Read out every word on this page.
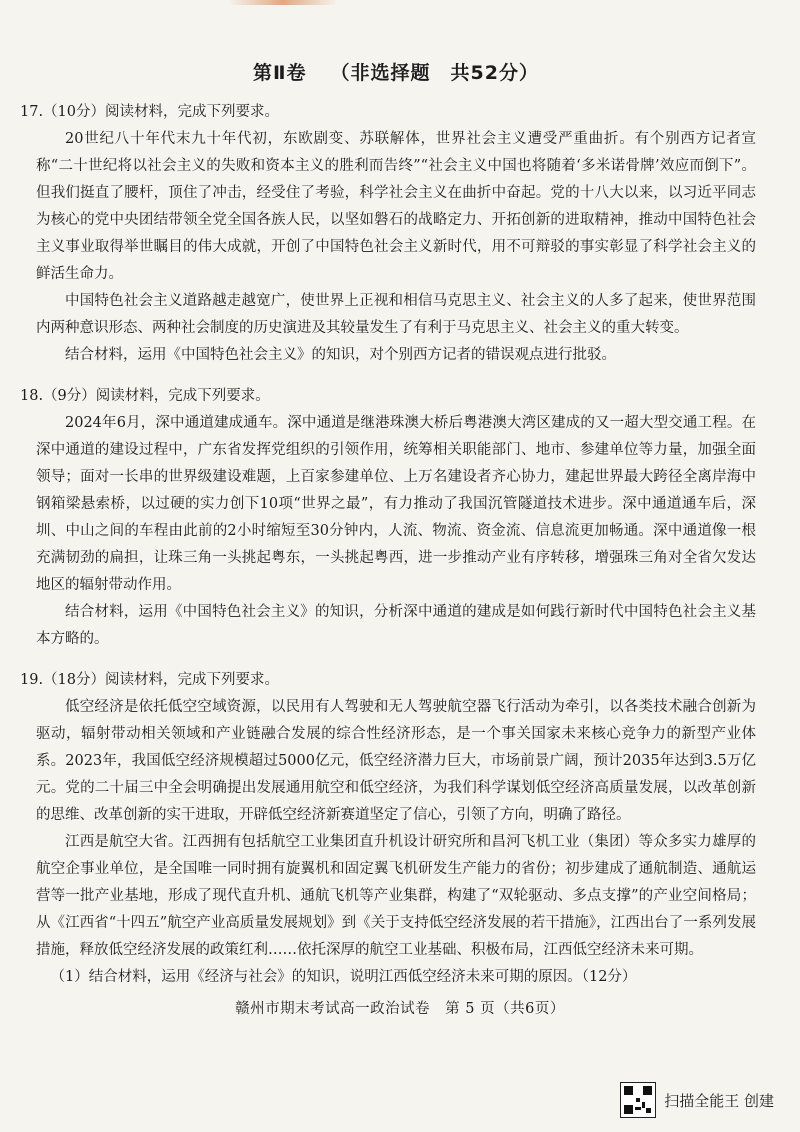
第Ⅱ卷 （非选择题　共52分）

17.（10分）阅读材料，完成下列要求。

20世纪八十年代末九十年代初，东欧剧变、苏联解体，世界社会主义遭受严重曲折。有个别西方记者宣称“二十世纪将以社会主义的失败和资本主义的胜利而告终”“社会主义中国也将随着‘多米诺骨牌’效应而倒下”。但我们挺直了腰杆，顶住了冲击，经受住了考验，科学社会主义在曲折中奋起。党的十八大以来，以习近平同志为核心的党中央团结带领全党全国各族人民，以坚如磐石的战略定力、开拓创新的进取精神，推动中国特色社会主义事业取得举世瞩目的伟大成就，开创了中国特色社会主义新时代，用不可辩驳的事实彰显了科学社会主义的鲜活生命力。

中国特色社会主义道路越走越宽广，使世界上正视和相信马克思主义、社会主义的人多了起来，使世界范围内两种意识形态、两种社会制度的历史演进及其较量发生了有利于马克思主义、社会主义的重大转变。

结合材料，运用《中国特色社会主义》的知识，对个别西方记者的错误观点进行批驳。

18.（9分）阅读材料，完成下列要求。

2024年6月，深中通道建成通车。深中通道是继港珠澳大桥后粤港澳大湾区建成的又一超大型交通工程。在深中通道的建设过程中，广东省发挥党组织的引领作用，统筹相关职能部门、地市、参建单位等力量，加强全面领导；面对一长串的世界级建设难题，上百家参建单位、上万名建设者齐心协力，建起世界最大跨径全离岸海中钢箱梁悬索桥，以过硬的实力创下10项“世界之最”，有力推动了我国沉管隧道技术进步。深中通道通车后，深圳、中山之间的车程由此前的2小时缩短至30分钟内，人流、物流、资金流、信息流更加畅通。深中通道像一根充满韧劲的扁担，让珠三角一头挑起粤东，一头挑起粤西，进一步推动产业有序转移，增强珠三角对全省欠发达地区的辐射带动作用。

结合材料，运用《中国特色社会主义》的知识，分析深中通道的建成是如何践行新时代中国特色社会主义基本方略的。

19.（18分）阅读材料，完成下列要求。

低空经济是依托低空空域资源，以民用有人驾驶和无人驾驶航空器飞行活动为牵引，以各类技术融合创新为驱动，辐射带动相关领域和产业链融合发展的综合性经济形态，是一个事关国家未来核心竞争力的新型产业体系。2023年，我国低空经济规模超过5000亿元，低空经济潜力巨大，市场前景广阔，预计2035年达到3.5万亿元。党的二十届三中全会明确提出发展通用航空和低空经济，为我们科学谋划低空经济高质量发展，以改革创新的思维、改革创新的实干进取，开辟低空经济新赛道坚定了信心，引领了方向，明确了路径。

江西是航空大省。江西拥有包括航空工业集团直升机设计研究所和昌河飞机工业（集团）等众多实力雄厚的航空企事业单位，是全国唯一同时拥有旋翼机和固定翼飞机研发生产能力的省份；初步建成了通航制造、通航运营等一批产业基地，形成了现代直升机、通航飞机等产业集群，构建了“双轮驱动、多点支撑”的产业空间格局；从《江西省“十四五”航空产业高质量发展规划》到《关于支持低空经济发展的若干措施》，江西出台了一系列发展措施，释放低空经济发展的政策红利……依托深厚的航空工业基础、积极布局，江西低空经济未来可期。

（1）结合材料，运用《经济与社会》的知识，说明江西低空经济未来可期的原因。（12分）

赣州市期末考试高一政治试卷　第 5 页（共6页）
扫描全能王 创建
